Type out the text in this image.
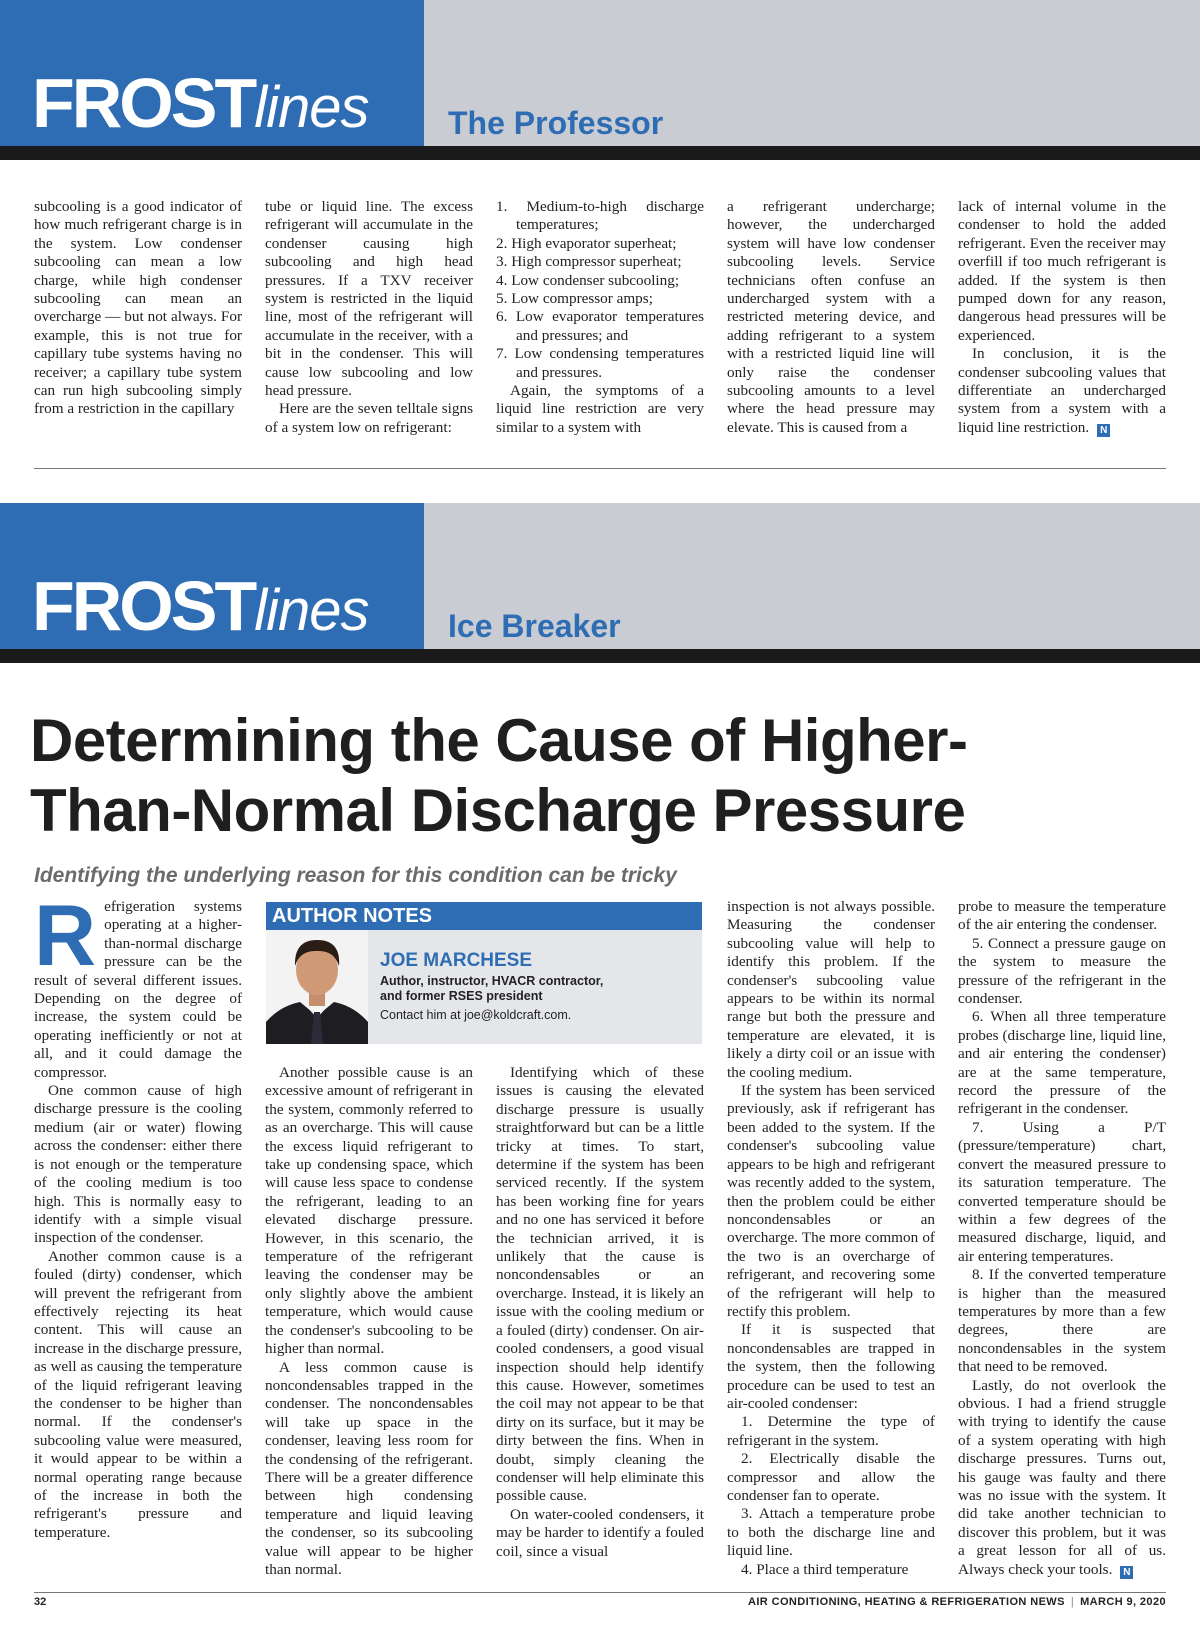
FROSTlines The Professor

subcooling is a good indicator of how much refrigerant charge is in the system. Low condenser subcooling can mean a low charge, while high condenser subcooling can mean an overcharge — but not always. For example, this is not true for capillary tube systems having no receiver; a capillary tube system can run high subcooling simply from a restriction in the capillary

tube or liquid line. The excess refrigerant will accumulate in the condenser causing high subcooling and high head pressures. If a TXV receiver system is restricted in the liquid line, most of the refrigerant will accumulate in the receiver, with a bit in the condenser. This will cause low subcooling and low head pressure.

Here are the seven telltale signs of a system low on refrigerant:

1. Medium-to-high discharge temperatures;
2. High evaporator superheat;
3. High compressor superheat;
4. Low condenser subcooling;
5. Low compressor amps;
6. Low evaporator temperatures and pressures; and
7. Low condensing temperatures and pressures.

Again, the symptoms of a liquid line restriction are very similar to a system with

a refrigerant undercharge; however, the undercharged system will have low condenser subcooling levels. Service technicians often confuse an undercharged system with a restricted metering device, and adding refrigerant to a system with a restricted liquid line will only raise the condenser subcooling amounts to a level where the head pressure may elevate. This is caused from a

lack of internal volume in the condenser to hold the added refrigerant. Even the receiver may overfill if too much refrigerant is added. If the system is then pumped down for any reason, dangerous head pressures will be experienced.

In conclusion, it is the condenser subcooling values that differentiate an undercharged system from a system with a liquid line restriction. N

FROSTlines Ice Breaker
Determining the Cause of Higher-
Than-Normal Discharge Pressure
Identifying the underlying reason for this condition can be tricky

Refrigeration systems operating at a higher-than-normal discharge pressure can be the result of several different issues. Depending on the degree of increase, the system could be operating inefficiently or not at all, and it could damage the compressor.

One common cause of high discharge pressure is the cooling medium (air or water) flowing across the condenser: either there is not enough or the temperature of the cooling medium is too high. This is normally easy to identify with a simple visual inspection of the condenser.

Another common cause is a fouled (dirty) condenser, which will prevent the refrigerant from effectively rejecting its heat content. This will cause an increase in the discharge pressure, as well as causing the temperature of the liquid refrigerant leaving the condenser to be higher than normal. If the condenser's subcooling value were measured, it would appear to be within a normal operating range because of the increase in both the refrigerant's pressure and temperature.

AUTHOR NOTES
JOE MARCHESE
Author, instructor, HVACR contractor,
and former RSES president
Contact him at joe@koldcraft.com.

Another possible cause is an excessive amount of refrigerant in the system, commonly referred to as an overcharge. This will cause the excess liquid refrigerant to take up condensing space, which will cause less space to condense the refrigerant, leading to an elevated discharge pressure. However, in this scenario, the temperature of the refrigerant leaving the condenser may be only slightly above the ambient temperature, which would cause the condenser's subcooling to be higher than normal.

A less common cause is noncondensables trapped in the condenser. The noncondensables will take up space in the condenser, leaving less room for the condensing of the refrigerant. There will be a greater difference between high condensing temperature and liquid leaving the condenser, so its subcooling value will appear to be higher than normal.

Identifying which of these issues is causing the elevated discharge pressure is usually straightforward but can be a little tricky at times. To start, determine if the system has been serviced recently. If the system has been working fine for years and no one has serviced it before the technician arrived, it is unlikely that the cause is noncondensables or an overcharge. Instead, it is likely an issue with the cooling medium or a fouled (dirty) condenser. On air-cooled condensers, a good visual inspection should help identify this cause. However, sometimes the coil may not appear to be that dirty on its surface, but it may be dirty between the fins. When in doubt, simply cleaning the condenser will help eliminate this possible cause.

On water-cooled condensers, it may be harder to identify a fouled coil, since a visual

inspection is not always possible. Measuring the condenser subcooling value will help to identify this problem. If the condenser's subcooling value appears to be within its normal range but both the pressure and temperature are elevated, it is likely a dirty coil or an issue with the cooling medium.

If the system has been serviced previously, ask if refrigerant has been added to the system. If the condenser's subcooling value appears to be high and refrigerant was recently added to the system, then the problem could be either noncondensables or an overcharge. The more common of the two is an overcharge of refrigerant, and recovering some of the refrigerant will help to rectify this problem.

If it is suspected that noncondensables are trapped in the system, then the following procedure can be used to test an air-cooled condenser:

1. Determine the type of refrigerant in the system.

2. Electrically disable the compressor and allow the condenser fan to operate.

3. Attach a temperature probe to both the discharge line and liquid line.

4. Place a third temperature

probe to measure the temperature of the air entering the condenser.

5. Connect a pressure gauge on the system to measure the pressure of the refrigerant in the condenser.

6. When all three temperature probes (discharge line, liquid line, and air entering the condenser) are at the same temperature, record the pressure of the refrigerant in the condenser.

7. Using a P/T (pressure/temperature) chart, convert the measured pressure to its saturation temperature. The converted temperature should be within a few degrees of the measured discharge, liquid, and air entering temperatures.

8. If the converted temperature is higher than the measured temperatures by more than a few degrees, there are noncondensables in the system that need to be removed.

Lastly, do not overlook the obvious. I had a friend struggle with trying to identify the cause of a system operating with high discharge pressures. Turns out, his gauge was faulty and there was no issue with the system. It did take another technician to discover this problem, but it was a great lesson for all of us. Always check your tools. N

32	AIR CONDITIONING, HEATING & REFRIGERATION NEWS | MARCH 9, 2020
